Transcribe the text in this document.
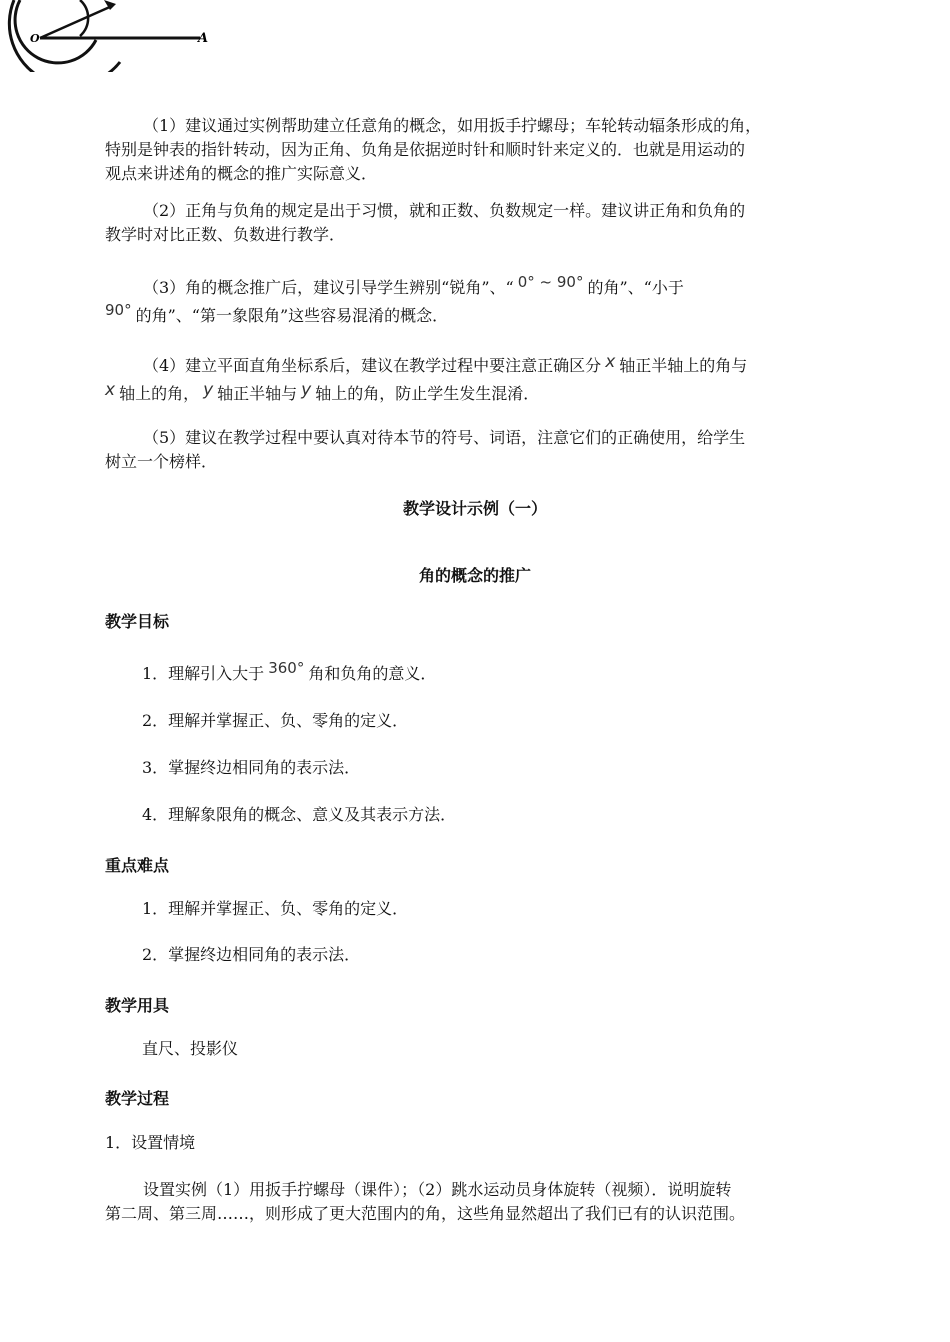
O	A
（1）建议通过实例帮助建立任意角的概念，如用扳手拧螺母；车轮转动辐条形成的角，
特别是钟表的指针转动，因为正角、负角是依据逆时针和顺时针来定义的．也就是用运动的
观点来讲述角的概念的推广实际意义．
（2）正角与负角的规定是出于习惯，就和正数、负数规定一样。建议讲正角和负角的
教学时对比正数、负数进行教学．
（3）角的概念推广后，建议引导学生辨别“锐角”、“ 0° ~ 90° 的角”、“小于
90° 的角”、“第一象限角”这些容易混淆的概念．
（4）建立平面直角坐标系后，建议在教学过程中要注意正确区分 x 轴正半轴上的角与
x 轴上的角， y 轴正半轴与 y 轴上的角，防止学生发生混淆．
（5）建议在教学过程中要认真对待本节的符号、词语，注意它们的正确使用，给学生
树立一个榜样．

教学设计示例（一）

角的概念的推广

教学目标

1．理解引入大于 360° 角和负角的意义．

2．理解并掌握正、负、零角的定义．

3．掌握终边相同角的表示法．

4．理解象限角的概念、意义及其表示方法．

重点难点

1．理解并掌握正、负、零角的定义．

2．掌握终边相同角的表示法．

教学用具

直尺、投影仪

教学过程

1．设置情境

设置实例（1）用扳手拧螺母（课件）；（2）跳水运动员身体旋转（视频）．说明旋转
第二周、第三周……，则形成了更大范围内的角，这些角显然超出了我们已有的认识范围。
